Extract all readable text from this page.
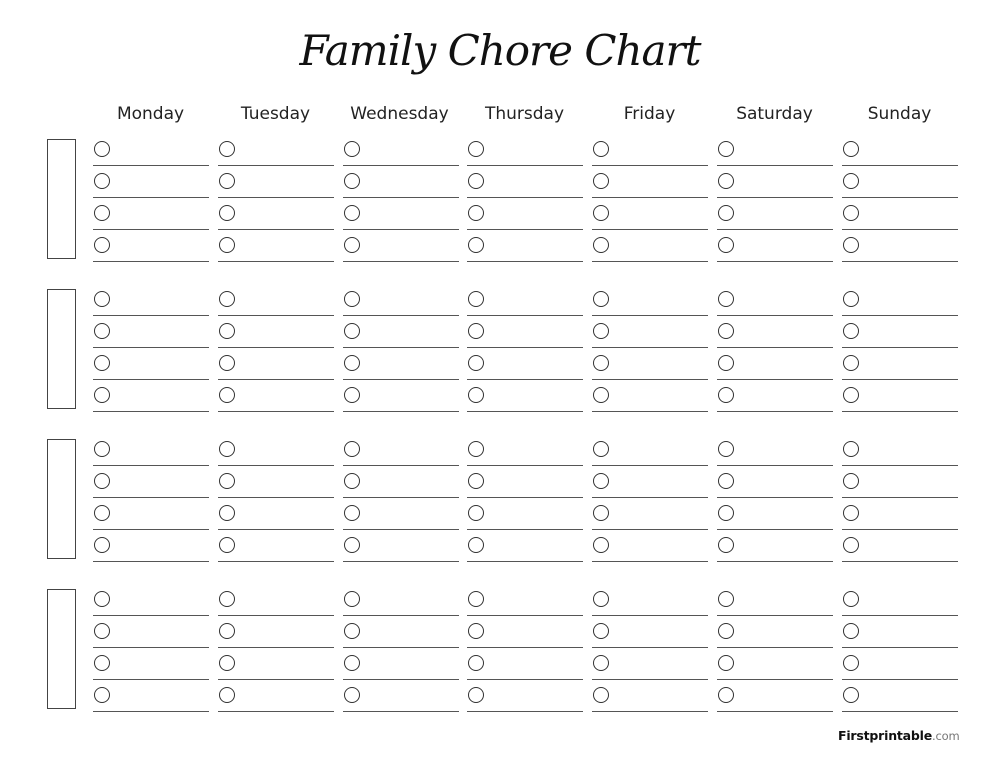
Family Chore Chart
Monday	Tuesday	Wednesday	Thursday	Friday	Saturday	Sunday
Firstprintable.com
